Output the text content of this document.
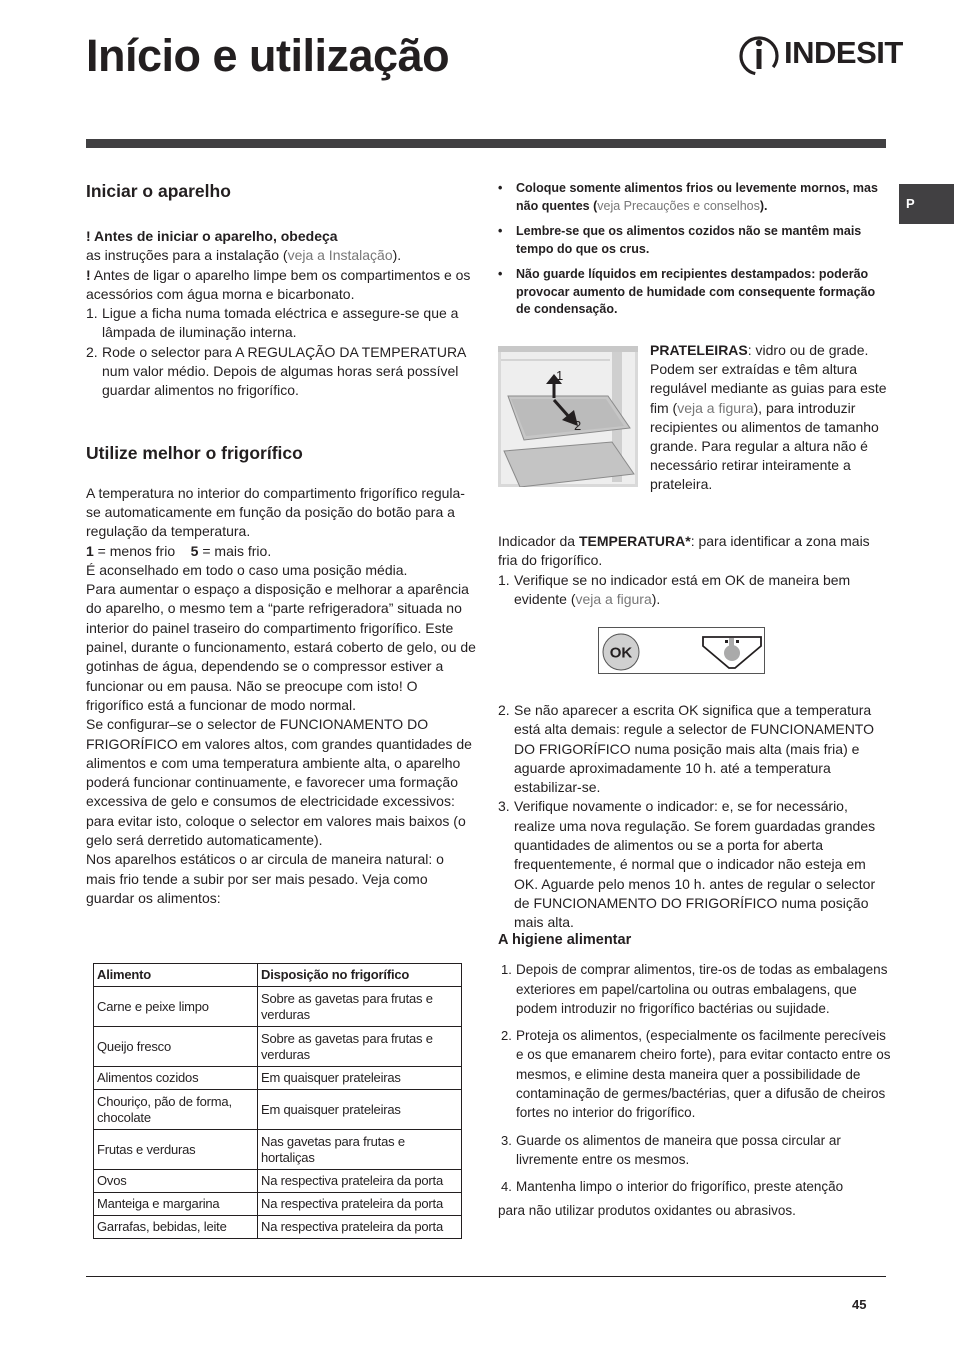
Início e utilização	INDESIT
P
Iniciar o aparelho

! Antes de iniciar o aparelho, obedeça
as instruções para a instalação (veja a Instalação).

! Antes de ligar o aparelho limpe bem os compartimentos e os acessórios com água morna e bicarbonato.

1. Ligue a ficha numa tomada eléctrica e assegure-se que a lâmpada de iluminação interna.
2. Rode o selector para A REGULAÇÃO DA TEMPERATURA num valor médio. Depois de algumas horas será possível guardar alimentos no frigorífico.
Utilize melhor o frigorífico

A temperatura no interior do compartimento frigorífico regula-se automaticamente em função da posição do botão para a regulação da temperatura.

1 = menos frio    5 = mais frio.

É aconselhado em todo o caso uma posição média.

Para aumentar o espaço a disposição e melhorar a aparência do aparelho, o mesmo tem a “parte refrigeradora” situada no interior do painel traseiro do compartimento frigorífico. Este painel, durante o funcionamento, estará coberto de gelo, ou de gotinhas de água, dependendo se o compressor estiver a funcionar ou em pausa. Não se preocupe com isto! O frigorífico está a funcionar de modo normal.

Se configurar–se o selector de FUNCIONAMENTO DO FRIGORÍFICO em valores altos, com grandes quantidades de alimentos e com uma temperatura ambiente alta, o aparelho poderá funcionar continuamente, e favorecer uma formação excessiva de gelo e consumos de electricidade excessivos: para evitar isto, coloque o selector em valores mais baixos (o gelo será derretido automaticamente).

Nos aparelhos estáticos o ar circula de maneira natural: o mais frio tende a subir por ser mais pesado. Veja como guardar os alimentos:

Alimento	Disposição no frigorífico
Carne e peixe limpo	Sobre as gavetas para frutas e verduras
Queijo fresco	Sobre as gavetas para frutas e verduras
Alimentos cozidos	Em quaisquer prateleiras
Chouriço, pão de forma, chocolate	Em quaisquer prateleiras
Frutas e verduras	Nas gavetas para frutas e hortaliças
Ovos	Na respectiva prateleira da porta
Manteiga e margarina	Na respectiva prateleira da porta
Garrafas, bebidas, leite	Na respectiva prateleira da porta
• Coloque somente alimentos frios ou levemente mornos, mas não quentes (veja Precauções e conselhos).
• Lembre-se que os alimentos cozidos não se mantêm mais tempo do que os crus.
• Não guarde líquidos em recipientes destampados: poderão provocar aumento de humidade com consequente formação de condensação.
1
2

PRATELEIRAS: vidro ou de grade. Podem ser extraídas e têm altura regulável mediante as guias para este fim (veja a figura), para introduzir recipientes ou alimentos de tamanho grande. Para regular a altura não é necessário retirar inteiramente a prateleira.

Indicador da TEMPERATURA*: para identificar a zona mais fria do frigorífico.

1. Verifique se no indicador está em OK de maneira bem evidente (veja a figura).
OK
2. Se não aparecer a escrita OK significa que a temperatura está alta demais: regule a selector de FUNCIONAMENTO DO FRIGORÍFICO numa posição mais alta (mais fria) e aguarde aproximadamente 10 h. até a temperatura estabilizar-se.
3. Verifique novamente o indicador: e, se for necessário, realize uma nova regulação. Se forem guardadas grandes quantidades de alimentos ou se a porta for aberta frequentemente, é normal que o indicador não esteja em OK. Aguarde pelo menos 10 h. antes de regular o selector de FUNCIONAMENTO DO FRIGORÍFICO numa posição mais alta.
A higiene alimentar
1. Depois de comprar alimentos, tire-os de todas as embalagens exteriores em papel/cartolina ou outras embalagens, que podem introduzir no frigorífico bactérias ou sujidade.
2. Proteja os alimentos, (especialmente os facilmente perecíveis e os que emanarem cheiro forte), para evitar contacto entre os mesmos, e elimine desta maneira quer a possibilidade de contaminação de germes/bactérias, quer a difusão de cheiros fortes no interior do frigorífico.
3. Guarde os alimentos de maneira que possa circular ar livremente entre os mesmos.
4. Mantenha limpo o interior do frigorífico, preste atenção

para não utilizar produtos oxidantes ou abrasivos.

45
